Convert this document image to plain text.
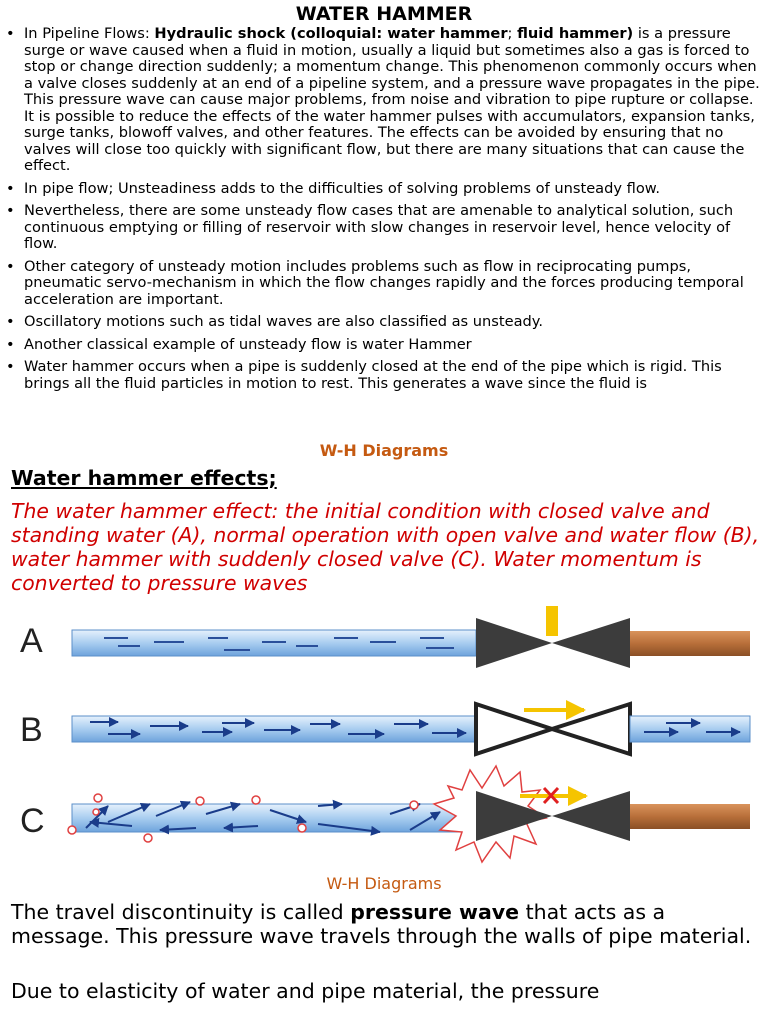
WATER HAMMER
• In Pipeline Flows: Hydraulic shock (colloquial: water hammer; fluid hammer) is a pressure surge or wave caused when a fluid in motion, usually a liquid but sometimes also a gas is forced to stop or change direction suddenly; a momentum change. This phenomenon commonly occurs when a valve closes suddenly at an end of a pipeline system, and a pressure wave propagates in the pipe. This pressure wave can cause major problems, from noise and vibration to pipe rupture or collapse. It is possible to reduce the effects of the water hammer pulses with accumulators, expansion tanks, surge tanks, blowoff valves, and other features. The effects can be avoided by ensuring that no valves will close too quickly with significant flow, but there are many situations that can cause the effect.
• In pipe flow; Unsteadiness adds to the difficulties of solving problems of unsteady flow.
• Nevertheless, there are some unsteady flow cases that are amenable to analytical solution, such continuous emptying or filling of reservoir with slow changes in reservoir level, hence velocity of flow.
• Other category of unsteady motion includes problems such as flow in reciprocating pumps, pneumatic servo-mechanism in which the flow changes rapidly and the forces producing temporal acceleration are important.
• Oscillatory motions such as tidal waves are also classified as unsteady.
• Another classical example of unsteady flow is water Hammer
• Water hammer occurs when a pipe is suddenly closed at the end of the pipe which is rigid. This brings all the fluid particles in motion to rest. This generates a wave since the fluid is
W-H Diagrams
Water hammer effects;
The water hammer effect: the initial condition with closed valve and standing water (A), normal operation with open valve and water flow (B), water hammer with suddenly closed valve (C). Water momentum is converted to pressure waves
A
B
C
W-H Diagrams
The travel discontinuity is called pressure wave that acts as a message. This pressure wave travels through the walls of pipe material.
Due to elasticity of water and pipe material, the pressure
